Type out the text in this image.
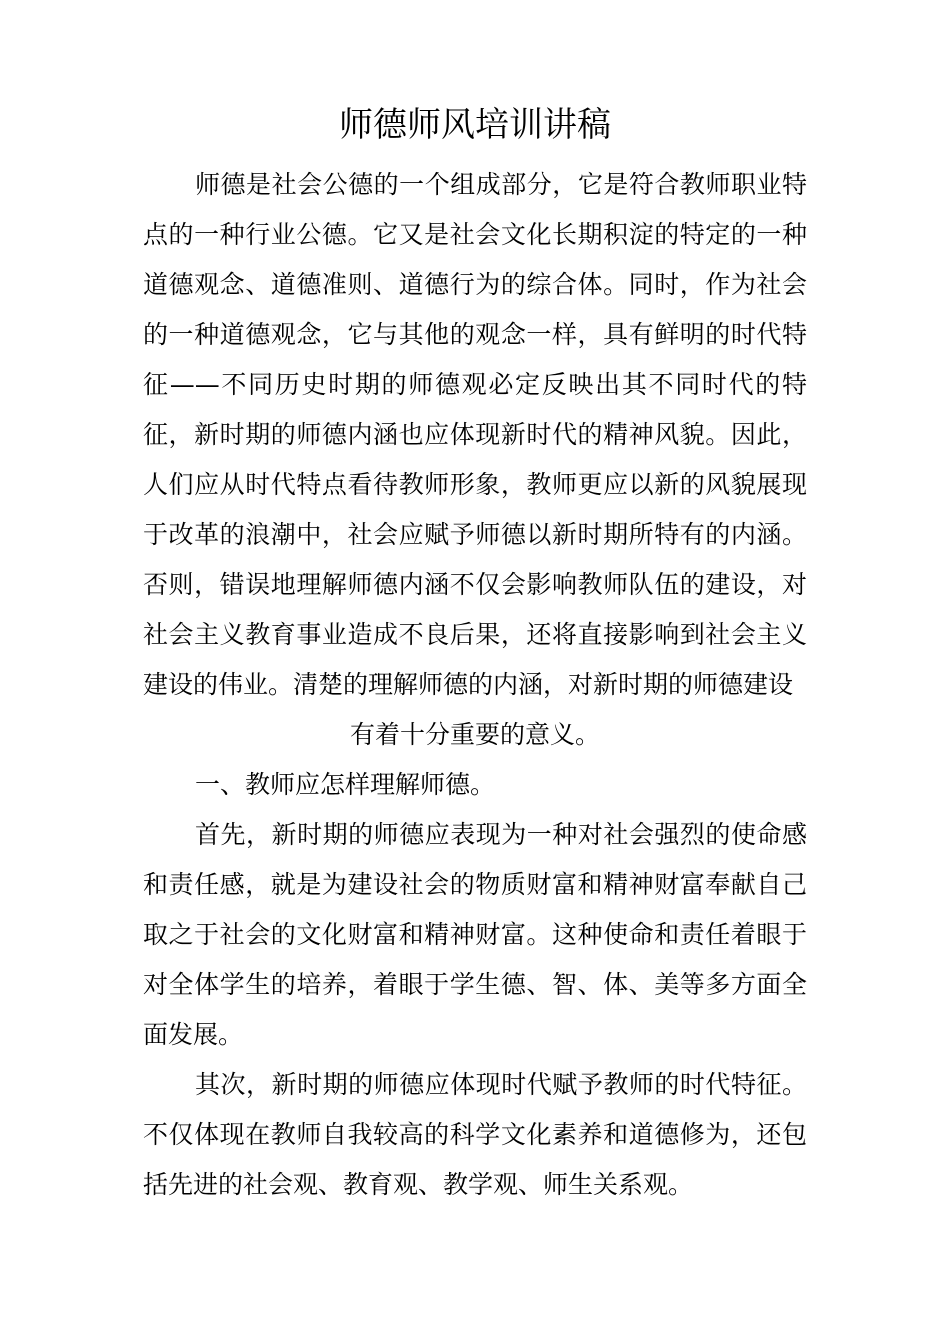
师德师风培训讲稿

师德是社会公德的一个组成部分，它是符合教师职业特点的一种行业公德。它又是社会文化长期积淀的特定的一种道德观念、道德准则、道德行为的综合体。同时，作为社会的一种道德观念，它与其他的观念一样，具有鲜明的时代特征——不同历史时期的师德观必定反映出其不同时代的特征，新时期的师德内涵也应体现新时代的精神风貌。因此，人们应从时代特点看待教师形象，教师更应以新的风貌展现于改革的浪潮中，社会应赋予师德以新时期所特有的内涵。否则，错误地理解师德内涵不仅会影响教师队伍的建设，对社会主义教育事业造成不良后果，还将直接影响到社会主义建设的伟业。清楚的理解师德的内涵，对新时期的师德建设

有着十分重要的意义。

一、教师应怎样理解师德。

首先，新时期的师德应表现为一种对社会强烈的使命感和责任感，就是为建设社会的物质财富和精神财富奉献自己取之于社会的文化财富和精神财富。这种使命和责任着眼于对全体学生的培养，着眼于学生德、智、体、美等多方面全面发展。

其次，新时期的师德应体现时代赋予教师的时代特征。不仅体现在教师自我较高的科学文化素养和道德修为，还包括先进的社会观、教育观、教学观、师生关系观。
